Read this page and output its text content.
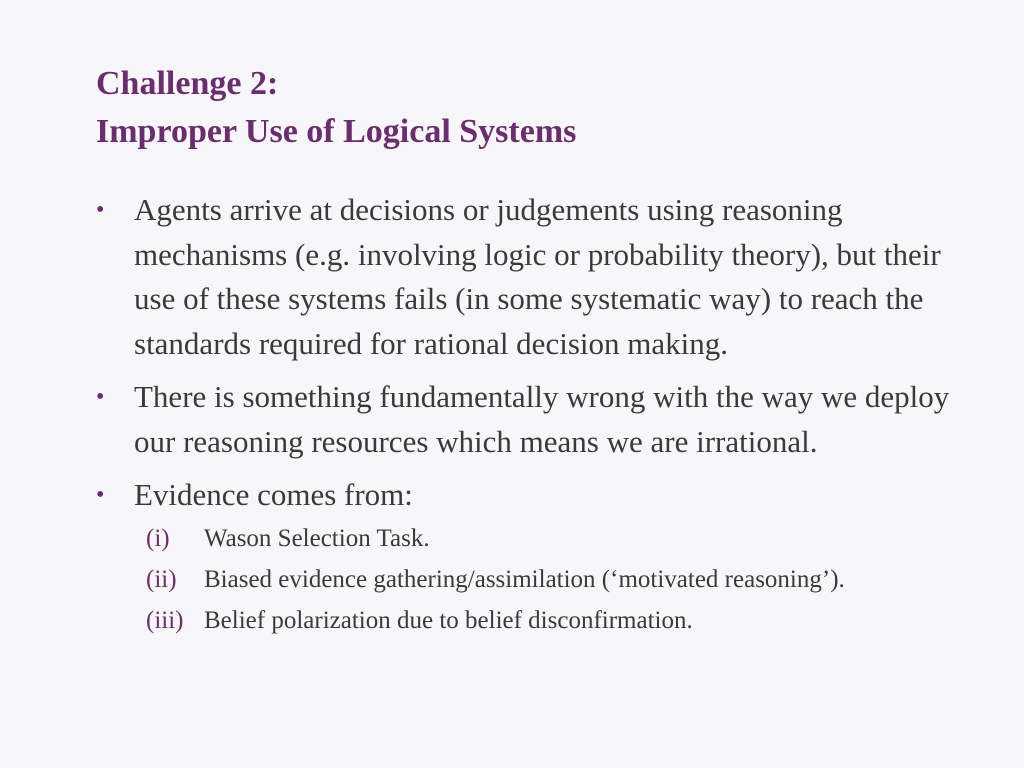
Challenge 2:
Improper Use of Logical Systems
• Agents arrive at decisions or judgements using reasoning mechanisms (e.g. involving logic or probability theory), but their use of these systems fails (in some systematic way) to reach the standards required for rational decision making.
• There is something fundamentally wrong with the way we deploy our reasoning resources which means we are irrational.
• Evidence comes from:
(i) Wason Selection Task.
(ii) Biased evidence gathering/assimilation (‘motivated reasoning’).
(iii) Belief polarization due to belief disconfirmation.
